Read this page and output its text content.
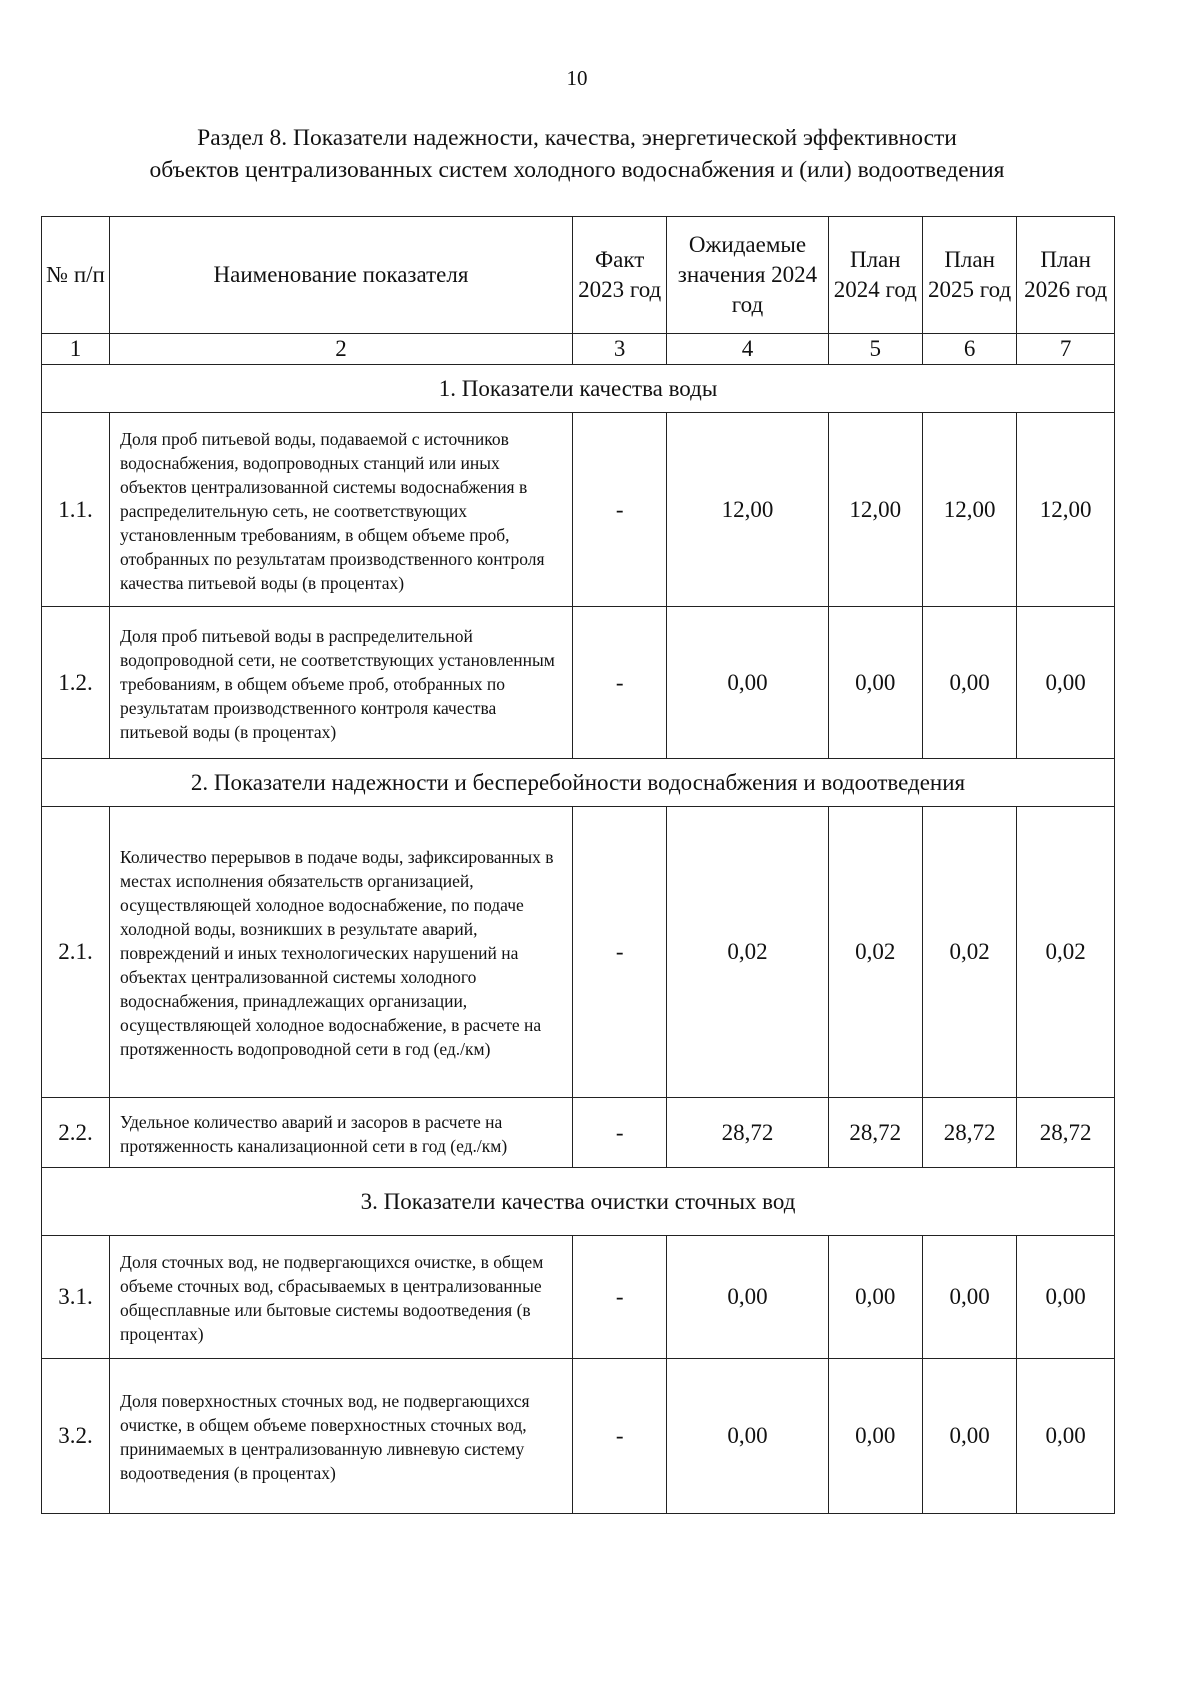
10
Раздел 8. Показатели надежности, качества, энергетической эффективности
объектов централизованных систем холодного водоснабжения и (или) водоотведения
№ п/п	Наименование показателя	Факт 2023 год	Ожидаемые значения 2024 год	План 2024 год	План 2025 год	План 2026 год
1	2	3	4	5	6	7
1. Показатели качества воды						
1.1.	Доля проб питьевой воды, подаваемой с источников водоснабжения, водопроводных станций или иных объектов централизованной системы водоснабжения в распределительную сеть, не соответствующих установленным требованиям, в общем объеме проб, отобранных по результатам производственного контроля качества питьевой воды (в процентах)	-	12,00	12,00	12,00	12,00
1.2.	Доля проб питьевой воды в распределительной водопроводной сети, не соответствующих установленным требованиям, в общем объеме проб, отобранных по результатам производственного контроля качества питьевой воды (в процентах)	-	0,00	0,00	0,00	0,00
2. Показатели надежности и бесперебойности водоснабжения и водоотведения						
2.1.	Количество перерывов в подаче воды, зафиксированных в местах исполнения обязательств организацией, осуществляющей холодное водоснабжение, по подаче холодной воды, возникших в результате аварий, повреждений и иных технологических нарушений на объектах централизованной системы холодного водоснабжения, принадлежащих организации, осуществляющей холодное водоснабжение, в расчете на протяженность водопроводной сети в год (ед./км)	-	0,02	0,02	0,02	0,02
2.2.	Удельное количество аварий и засоров в расчете на протяженность канализационной сети в год (ед./км)	-	28,72	28,72	28,72	28,72
3. Показатели качества очистки сточных вод						
3.1.	Доля сточных вод, не подвергающихся очистке, в общем объеме сточных вод, сбрасываемых в централизованные общесплавные или бытовые системы водоотведения (в процентах)	-	0,00	0,00	0,00	0,00
3.2.	Доля поверхностных сточных вод, не подвергающихся очистке, в общем объеме поверхностных сточных вод, принимаемых в централизованную ливневую систему водоотведения (в процентах)	-	0,00	0,00	0,00	0,00
